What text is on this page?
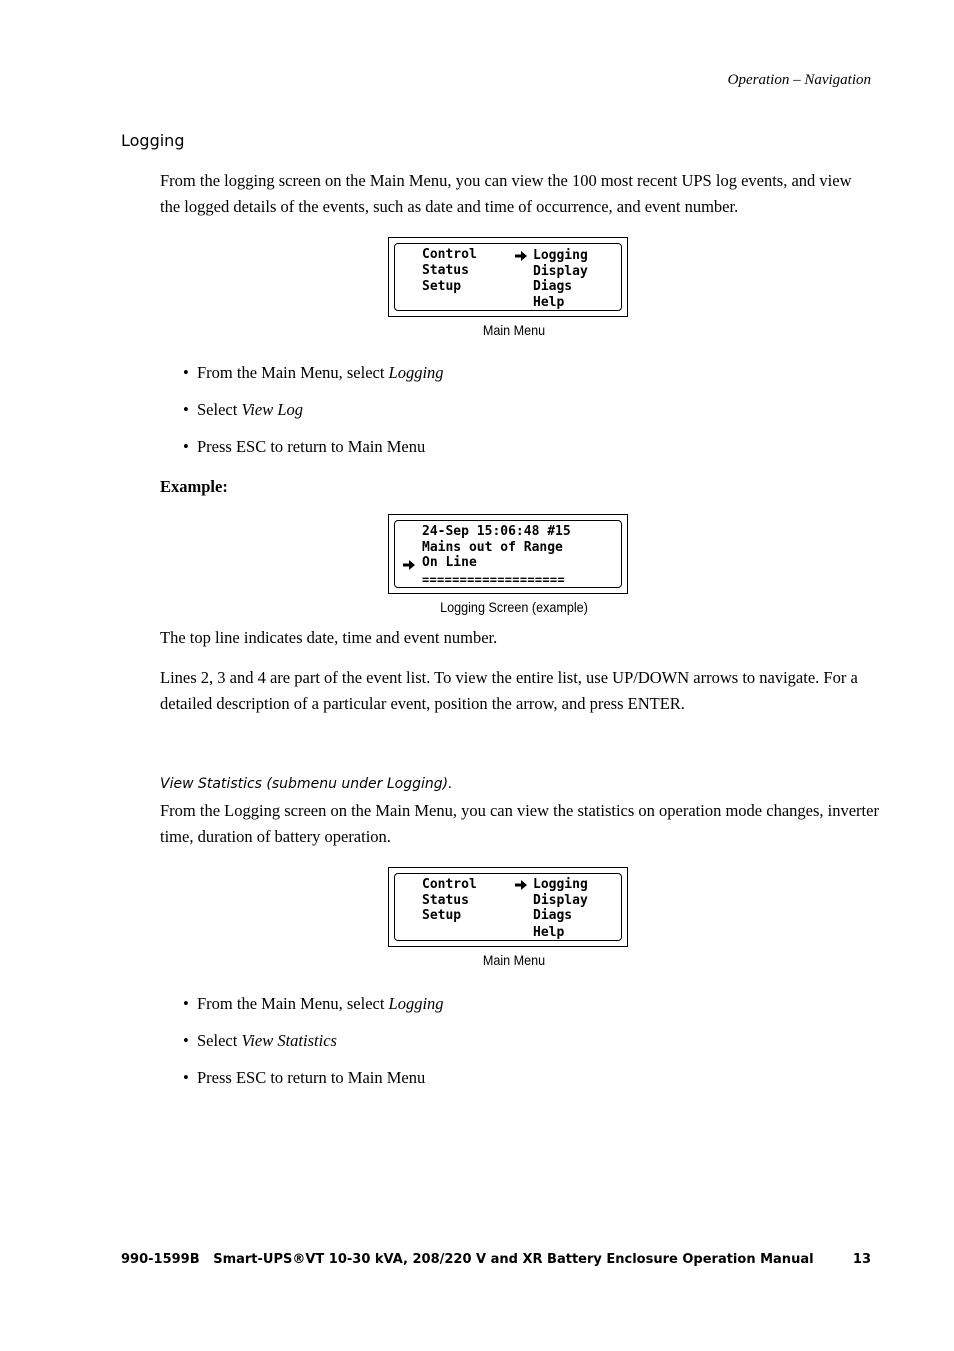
Operation – Navigation
Logging
From the logging screen on the Main Menu, you can view the 100 most recent UPS log events, and view the logged details of the events, such as date and time of occurrence, and event number.
Control
Status
Setup
Logging
Display
Diags
Help
Main Menu
• From the Main Menu, select Logging
• Select View Log
• Press ESC to return to Main Menu
Example:
24-Sep 15:06:48 #15
Mains out of Range
On Line
===================
Logging Screen (example)
The top line indicates date, time and event number.
Lines 2, 3 and 4 are part of the event list. To view the entire list, use UP/DOWN arrows to navigate. For a detailed description of a particular event, position the arrow, and press ENTER.
View Statistics (submenu under Logging).
From the Logging screen on the Main Menu, you can view the statistics on operation mode changes, inverter time, duration of battery operation.
Control
Status
Setup
Logging
Display
Diags
Help
Main Menu
• From the Main Menu, select Logging
• Select View Statistics
• Press ESC to return to Main Menu
990-1599B   Smart-UPS®VT 10-30 kVA, 208/220 V and XR Battery Enclosure Operation Manual	13
